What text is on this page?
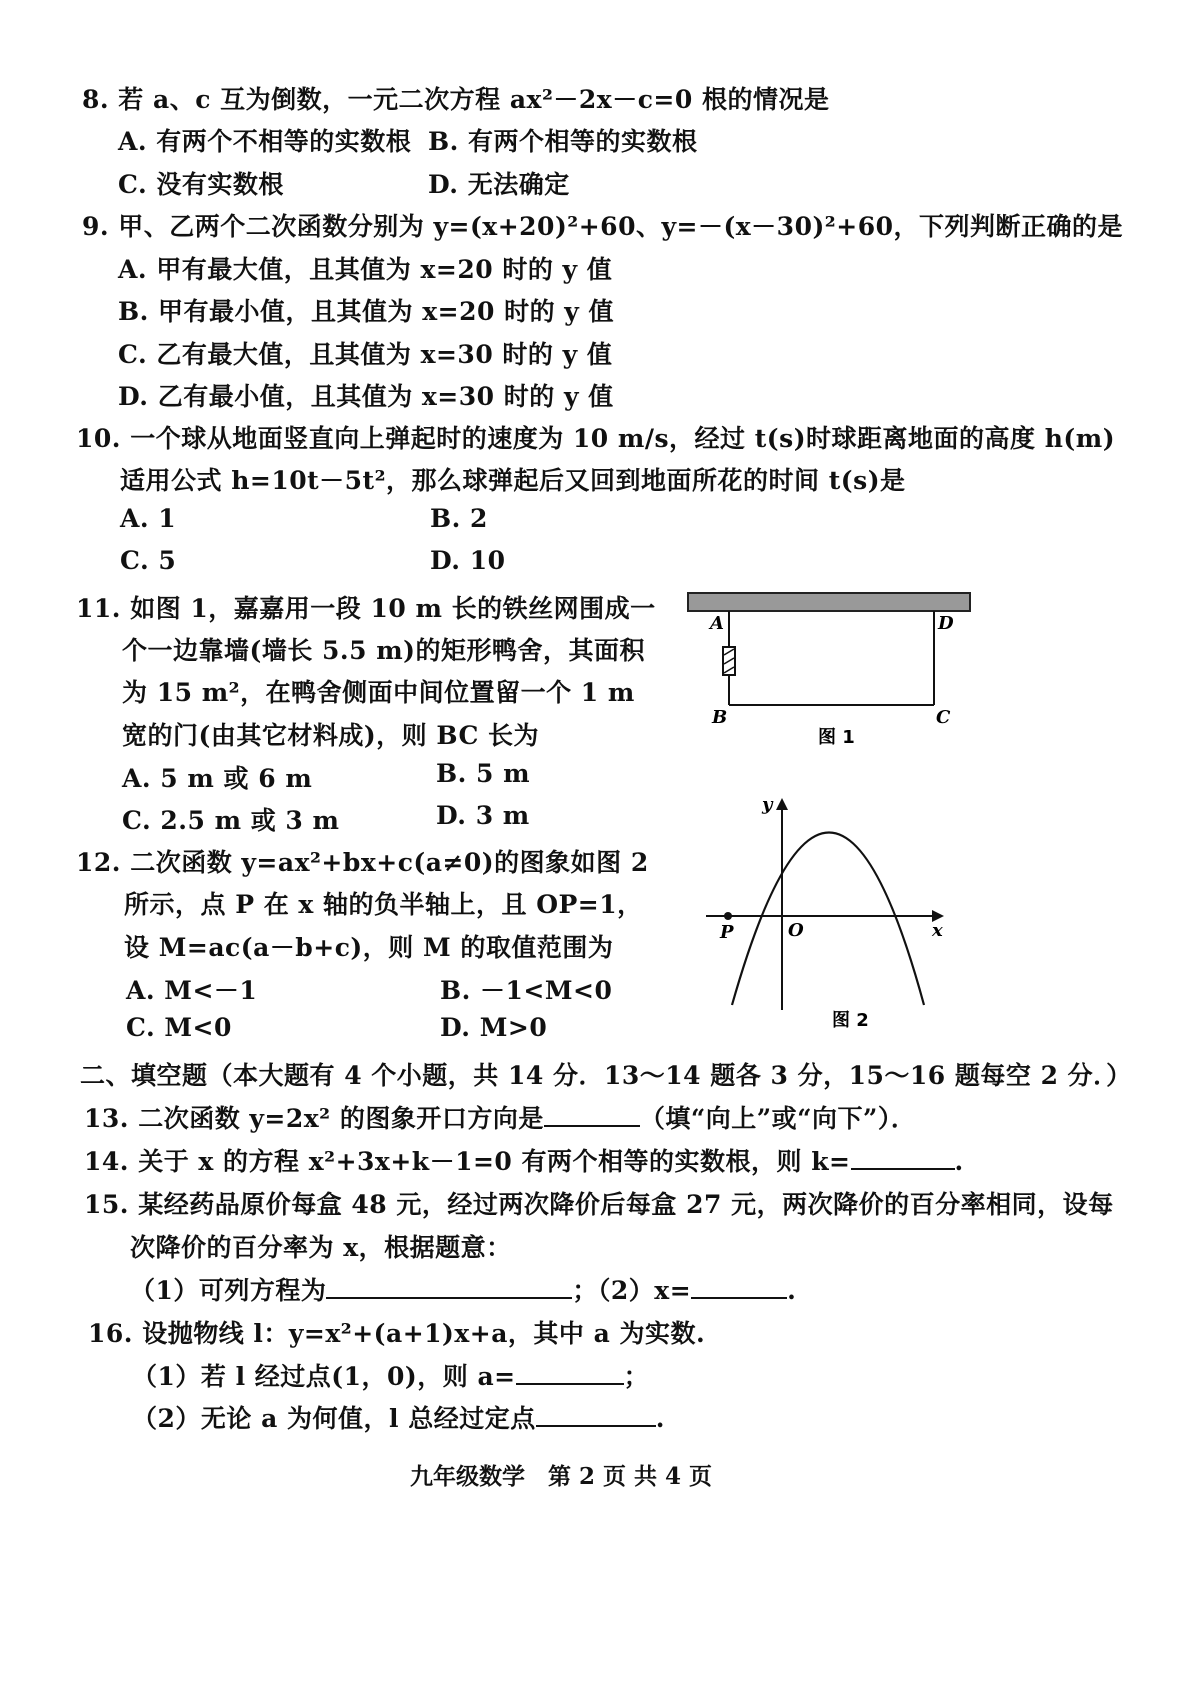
8. 若 a、c 互为倒数，一元二次方程 ax²－2x－c=0 根的情况是
A. 有两个不相等的实数根 B. 有两个相等的实数根
C. 没有实数根	D. 无法确定
9. 甲、乙两个二次函数分别为 y=(x+20)²+60、y=－(x－30)²+60，下列判断正确的是
A. 甲有最大值，且其值为 x=20 时的 y 值
B. 甲有最小值，且其值为 x=20 时的 y 值
C. 乙有最大值，且其值为 x=30 时的 y 值
D. 乙有最小值，且其值为 x=30 时的 y 值
10. 一个球从地面竖直向上弹起时的速度为 10 m/s，经过 t(s)时球距离地面的高度 h(m)
适用公式 h=10t－5t²，那么球弹起后又回到地面所花的时间 t(s)是
A. 1	B. 2
C. 5	D. 10
11. 如图 1，嘉嘉用一段 10 m 长的铁丝网围成一
个一边靠墙(墙长 5.5 m)的矩形鸭舍，其面积
为 15 m²，在鸭舍侧面中间位置留一个 1 m
宽的门(由其它材料成)，则 BC 长为
A. 5 m 或 6 m	B. 5 m
C. 2.5 m 或 3 m	D. 3 m
A	D
B	C
图 1
12. 二次函数 y=ax²+bx+c(a≠0)的图象如图 2
所示，点 P 在 x 轴的负半轴上，且 OP=1，
设 M=ac(a－b+c)，则 M 的取值范围为
A. M<－1	B. －1<M<0
C. M<0	D. M>0
y
x
O
P
图 2
二、填空题（本大题有 4 个小题，共 14 分．13～14 题各 3 分，15～16 题每空 2 分．）
13. 二次函数 y=2x² 的图象开口方向是	（填“向上”或“向下”）．
14. 关于 x 的方程 x²+3x+k－1=0 有两个相等的实数根，则 k=	.
15. 某经药品原价每盒 48 元，经过两次降价后每盒 27 元，两次降价的百分率相同，设每
次降价的百分率为 x，根据题意：
（1）可列方程为	；（2）x=	.
16. 设抛物线 l：y=x²+(a+1)x+a，其中 a 为实数.
（1）若 l 经过点(1，0)，则 a=	；
（2）无论 a 为何值，l 总经过定点	.
九年级数学 第 2 页 共 4 页
